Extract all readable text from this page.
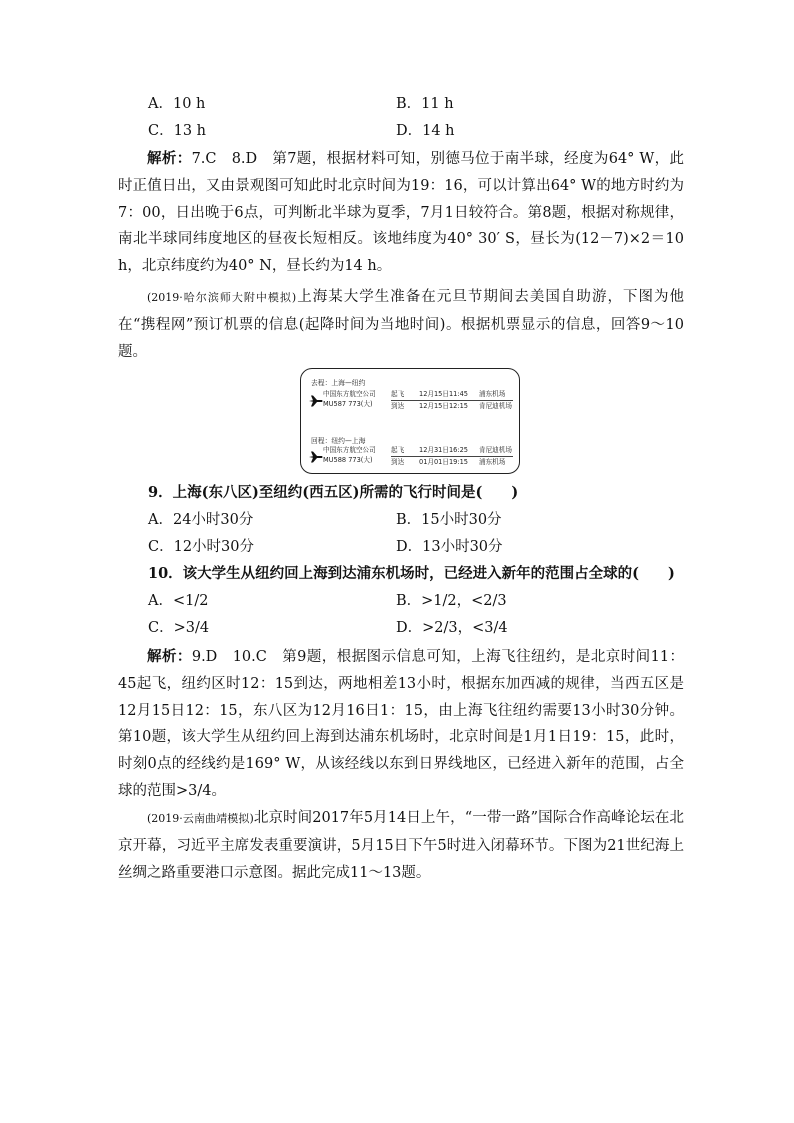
A．10 h	B．11 h
C．13 h	D．14 h
解析：7.C　8.D　第7题，根据材料可知，别德马位于南半球，经度为64° W，此时正值日出，又由景观图可知此时北京时间为19：16，可以计算出64° W的地方时约为7：00，日出晚于6点，可判断北半球为夏季，7月1日较符合。第8题，根据对称规律，南北半球同纬度地区的昼夜长短相反。该地纬度为40° 30′ S，昼长为(12－7)×2＝10 h，北京纬度约为40° N，昼长约为14 h。
(2019·哈尔滨师大附中模拟)上海某大学生准备在元旦节期间去美国自助游，下图为他在“携程网”预订机票的信息(起降时间为当地时间)。根据机票显示的信息，回答9～10题。
去程：上海—纽约
中国东方航空公司
MU587 773(大)
起飞 12月15日11:45 浦东机场
到达 12月15日12:15 肯尼迪机场
回程：纽约—上海
中国东方航空公司
MU588 773(大)
起飞 12月31日16:25 肯尼迪机场
到达 01月01日19:15 浦东机场
9．上海(东八区)至纽约(西五区)所需的飞行时间是(　　)
A．24小时30分	B．15小时30分
C．12小时30分	D．13小时30分
10．该大学生从纽约回上海到达浦东机场时，已经进入新年的范围占全球的(　　)
A．<1/2	B．>1/2，<2/3
C．>3/4	D．>2/3，<3/4
解析：9.D　10.C　第9题，根据图示信息可知，上海飞往纽约，是北京时间11：45起飞，纽约区时12：15到达，两地相差13小时，根据东加西减的规律，当西五区是12月15日12：15，东八区为12月16日1：15，由上海飞往纽约需要13小时30分钟。第10题，该大学生从纽约回上海到达浦东机场时，北京时间是1月1日19：15，此时，时刻0点的经线约是169° W，从该经线以东到日界线地区，已经进入新年的范围，占全球的范围>3/4。
(2019·云南曲靖模拟)北京时间2017年5月14日上午，“一带一路”国际合作高峰论坛在北京开幕，习近平主席发表重要演讲，5月15日下午5时进入闭幕环节。下图为21世纪海上丝绸之路重要港口示意图。据此完成11～13题。
